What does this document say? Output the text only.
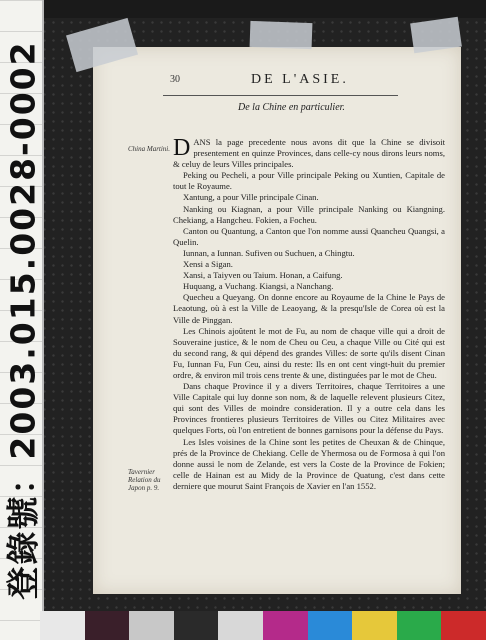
登錄號：2003.015.0028-0002	30	DE L'ASIE.
De la Chine en particulier.
China Martini.
Tavernier Relation du Japon p. 9.

DANS la page precedente nous avons dit que la Chine se divisoit presentement en quinze Provinces, dans celle-cy nous dirons leurs noms, & celuy de leurs Villes principales.

Peking ou Pecheli, a pour Ville principale Peking ou Xuntien, Capitale de tout le Royaume.

Xantung, a pour Ville principale Cinan.

Nanking ou Kiagnan, a pour Ville principale Nanking ou Kiangning. Chekiang, a Hangcheu. Fokien, a Focheu.

Canton ou Quantung, a Canton que l'on nomme aussi Quancheu Quangsi, a Quelin.

Iunnan, a Iunnan. Sufiven ou Suchuen, a Chingtu.

Xensi a Sigan.

Xansi, a Taiyven ou Taium. Honan, a Caifung.

Huquang, a Vuchang. Kiangsi, a Nanchang.

Quecheu a Queyang. On donne encore au Royaume de la Chine le Pays de Leaotung, où à est la Ville de Leaoyang, & la presqu'Isle de Corea où est la Ville de Pinggan.

Les Chinois ajoûtent le mot de Fu, au nom de chaque ville qui a droit de Souveraine justice, & le nom de Cheu ou Ceu, a chaque Ville ou Cité qui est du second rang, & qui dépend des grandes Villes: de sorte qu'ils disent Cinan Fu, Iunnan Fu, Fun Ceu, ainsi du reste: Ils en ont cent vingt-huit du premier ordre, & environ mil trois cens trente & une, distinguées par le mot de Cheu.

Dans chaque Province il y a divers Territoires, chaque Territoires a une Ville Capitale qui luy donne son nom, & de laquelle relevent plusieurs Citez, qui sont des Villes de moindre consideration. Il y a outre cela dans les Provinces frontieres plusieurs Territoires de Villes ou Citez Militaires avec quelques Forts, où l'on entretient de bonnes garnisons pour la défense du Pays.

Les Isles voisines de la Chine sont les petites de Cheuxan & de Chinque, prés de la Province de Chekiang. Celle de Yhermosa ou de Formosa à qui l'on donne aussi le nom de Zelande, est vers la Coste de la Province de Fokien; celle de Hainan est au Midy de la Province de Quatung, c'est dans cette derniere que mourut Saint François de Xavier en l'an 1552.
